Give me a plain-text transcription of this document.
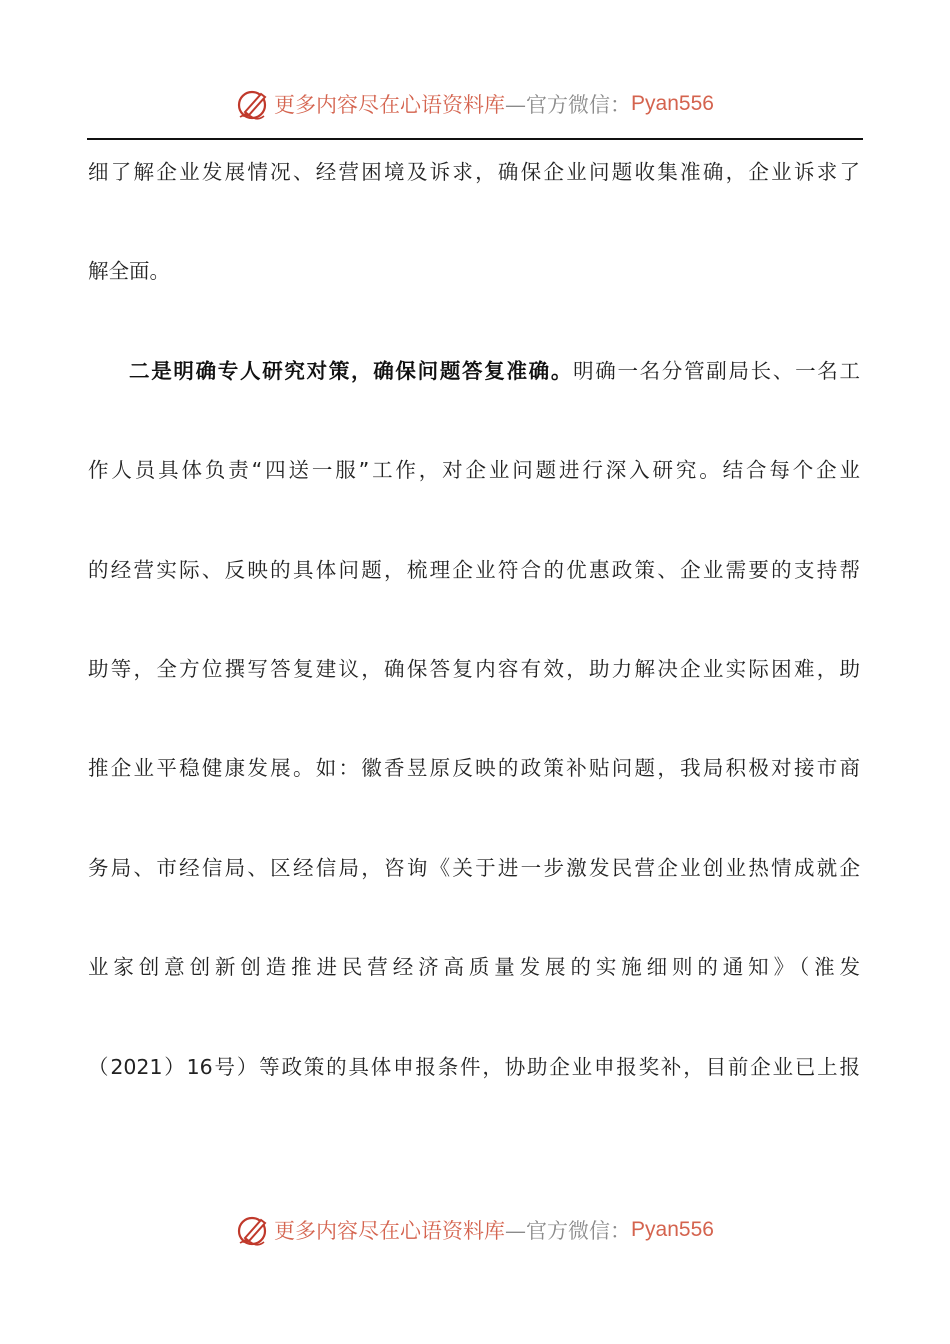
更多内容尽在心语资料库 —官方微信： Pyan556
细了解企业发展情况、经营困境及诉求，确保企业问题收集准确，企业诉求了
解全面。
二是明确专人研究对策，确保问题答复准确。明确一名分管副局长、一名工
作人员具体负责“四送一服”工作，对企业问题进行深入研究。结合每个企业
的经营实际、反映的具体问题，梳理企业符合的优惠政策、企业需要的支持帮
助等，全方位撰写答复建议，确保答复内容有效，助力解决企业实际困难，助
推企业平稳健康发展。如：徽香昱原反映的政策补贴问题，我局积极对接市商
务局、市经信局、区经信局，咨询《关于进一步激发民营企业创业热情成就企
业家创意创新创造推进民营经济高质量发展的实施细则的通知》（淮发
（2021）16号）等政策的具体申报条件，协助企业申报奖补，目前企业已上报
更多内容尽在心语资料库 —官方微信： Pyan556
